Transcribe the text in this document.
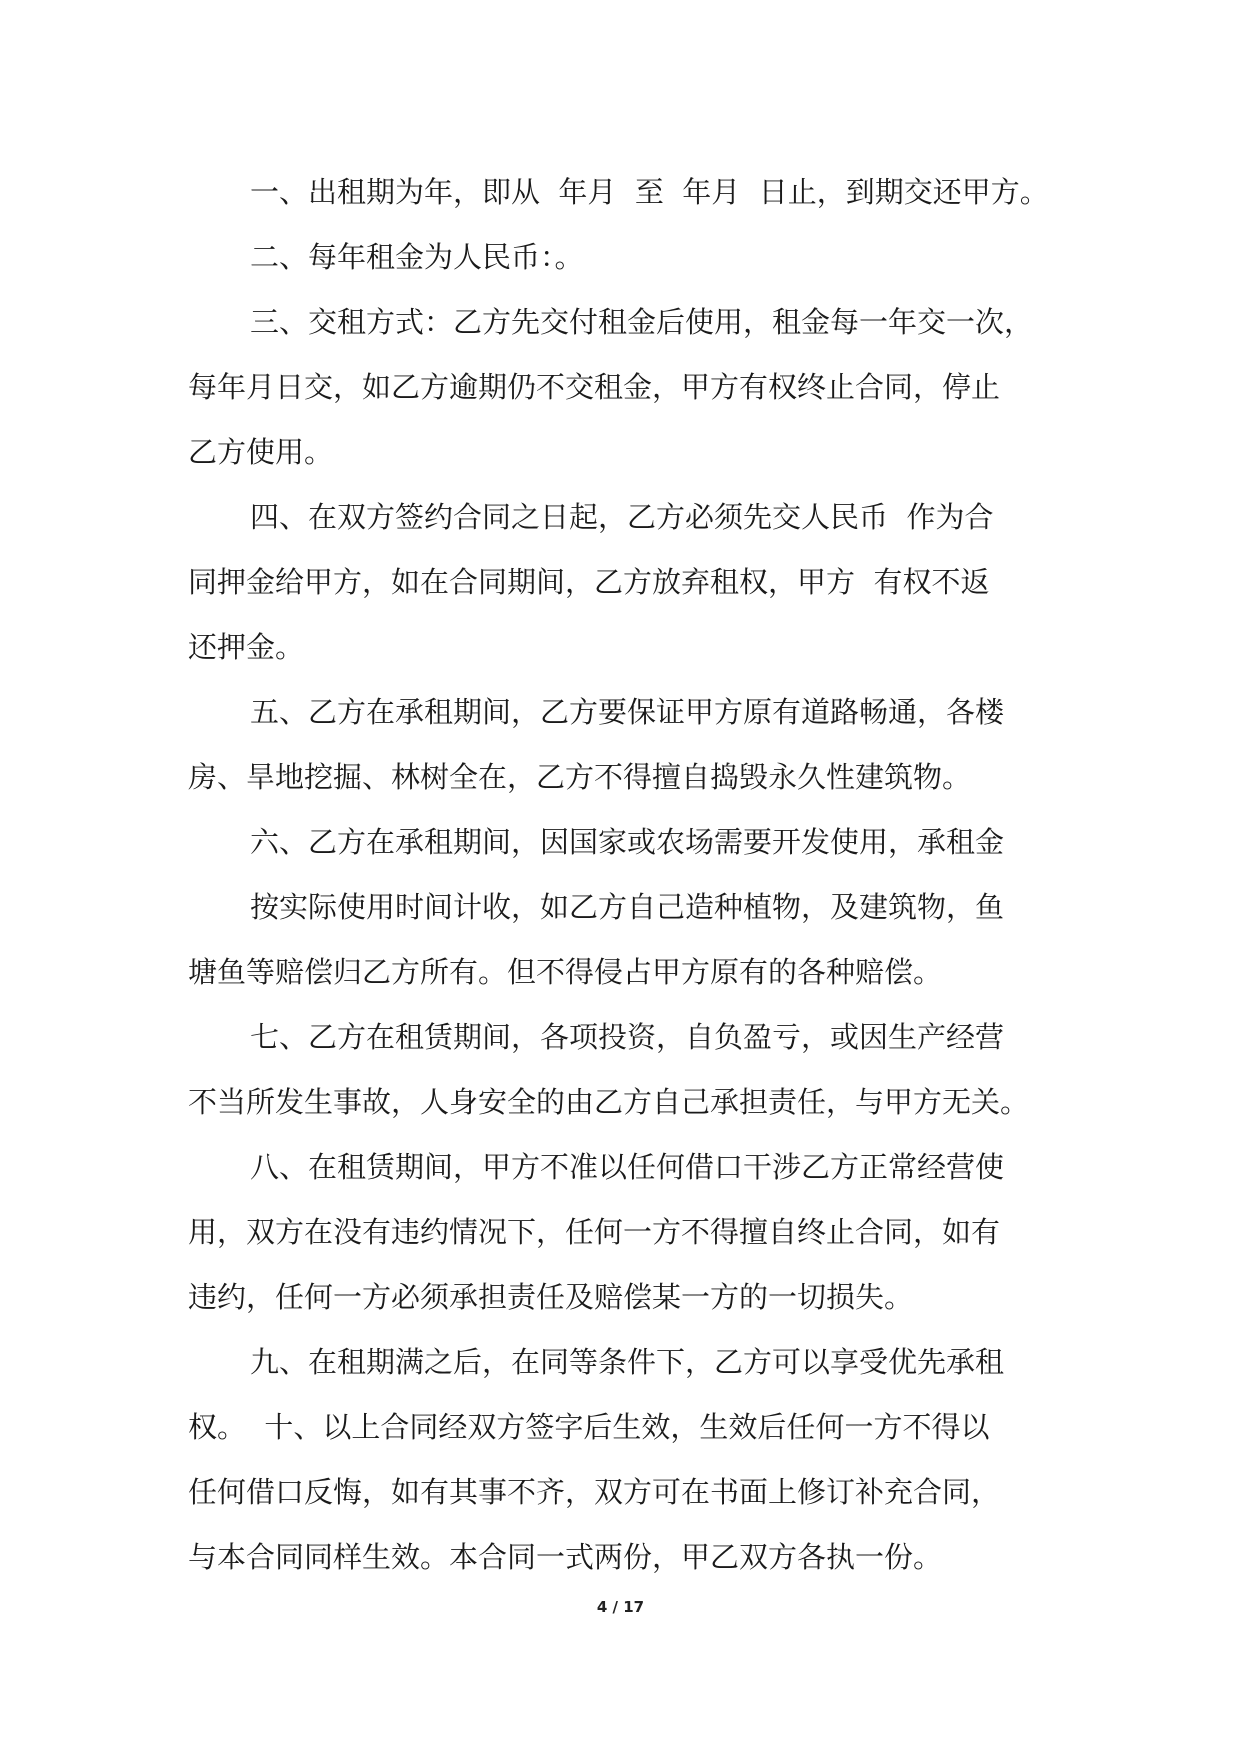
一、出租期为年，即从  年月  至  年月  日止，到期交还甲方。

二、每年租金为人民币：。

三、交租方式：乙方先交付租金后使用，租金每一年交一次，

每年月日交，如乙方逾期仍不交租金，甲方有权终止合同，停止

乙方使用。

四、在双方签约合同之日起，乙方必须先交人民币  作为合

同押金给甲方，如在合同期间，乙方放弃租权，甲方  有权不返

还押金。

五、乙方在承租期间，乙方要保证甲方原有道路畅通，各楼

房、旱地挖掘、林树全在，乙方不得擅自捣毁永久性建筑物。

六、乙方在承租期间，因国家或农场需要开发使用，承租金

按实际使用时间计收，如乙方自己造种植物，及建筑物，鱼

塘鱼等赔偿归乙方所有。但不得侵占甲方原有的各种赔偿。

七、乙方在租赁期间，各项投资，自负盈亏，或因生产经营

不当所发生事故，人身安全的由乙方自己承担责任，与甲方无关。

八、在租赁期间，甲方不准以任何借口干涉乙方正常经营使

用，双方在没有违约情况下，任何一方不得擅自终止合同，如有

违约，任何一方必须承担责任及赔偿某一方的一切损失。

九、在租期满之后，在同等条件下，乙方可以享受优先承租

权。  十、以上合同经双方签字后生效，生效后任何一方不得以

任何借口反悔，如有其事不齐，双方可在书面上修订补充合同，

与本合同同样生效。本合同一式两份，甲乙双方各执一份。

4 / 17
